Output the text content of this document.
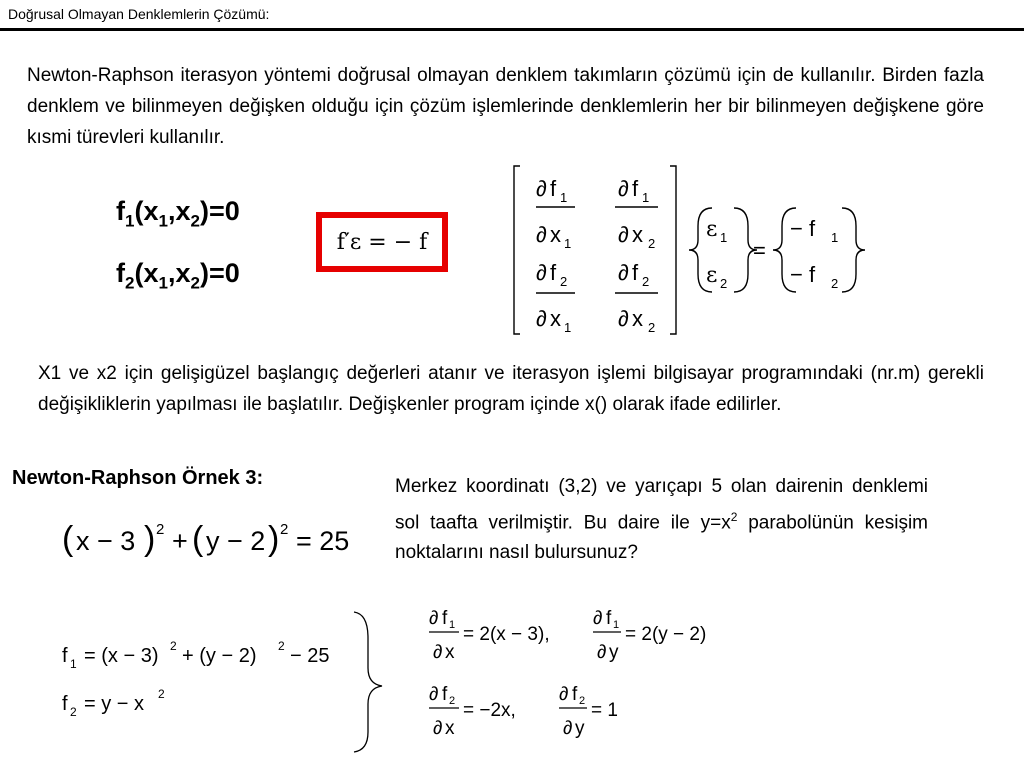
Doğrusal Olmayan Denklemlerin Çözümü:
Newton-Raphson iterasyon yöntemi doğrusal olmayan denklem takımların çözümü için de kullanılır. Birden fazla denklem ve bilinmeyen değişken olduğu için çözüm işlemlerinde denklemlerin her bir bilinmeyen değişkene göre kısmi türevleri kullanılır.
$f_1(x_1,x_2)=0$
$f_2(x_1,x_2)=0$
f′ε = − f
∂ f 1 ∂ f 1
∂ x 1 ∂ x 2
∂ f 2 ∂ f 2
∂ x 1 ∂ x 2
ε 1
ε 2
=
− f 1
− f 2
X1 ve x2 için gelişigüzel başlangıç değerleri atanır ve iterasyon işlemi bilgisayar programındaki (nr.m) gerekli değişikliklerin yapılması ile başlatılır. Değişkenler program içinde x() olarak ifade edilirler.
Newton-Raphson Örnek 3:
( x − 3 ) 2 + ( y − 2 ) 2 = 25
Merkez koordinatı (3,2) ve yarıçapı 5 olan dairenin denklemi sol taafta verilmiştir. Bu daire ile $y=x^2$ parabolünün kesişim noktalarını nasıl bulursunuz?
f 1 = (x − 3) 2 + (y − 2) 2 − 25
f 2 = y − x 2
∂ f 1
∂ x
= 2(x − 3),
∂ f 1
∂ y
= 2(y − 2)
∂ f 2
∂ x
= −2x,
∂ f 2
∂ y
= 1
